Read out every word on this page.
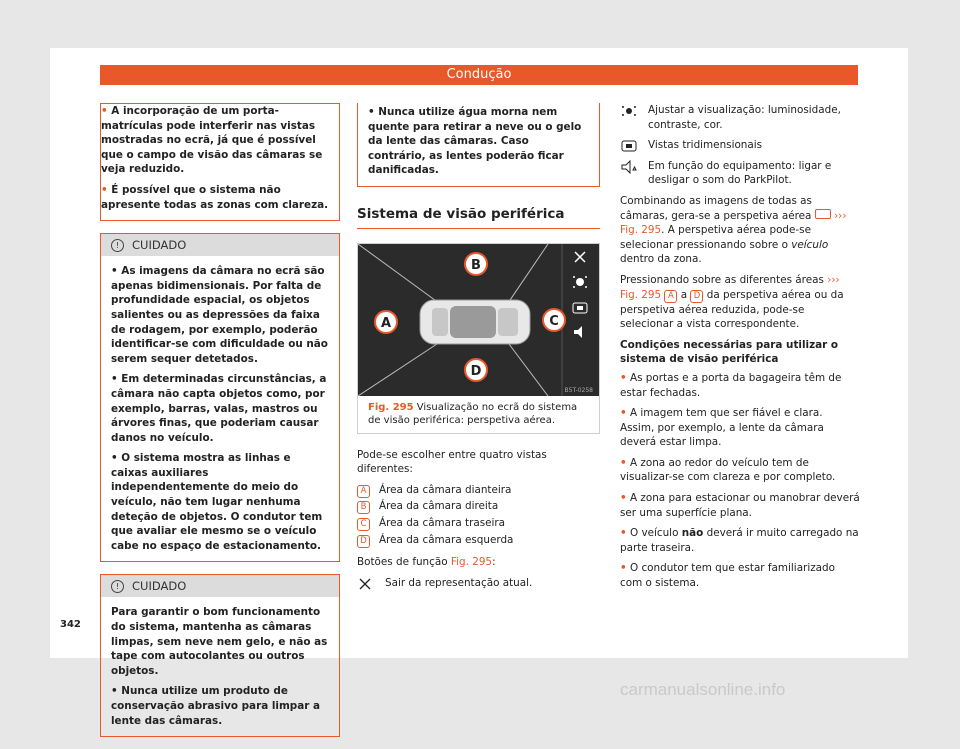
Condução

• A incorporação de um porta-matrículas pode interferir nas vistas mostradas no ecrã, já que é possível que o campo de visão das câmaras se veja reduzido.

• É possível que o sistema não apresente todas as zonas com clareza.

! CUIDADO

• As imagens da câmara no ecrã são apenas bidimensionais. Por falta de profundidade espacial, os objetos salientes ou as depressões da faixa de rodagem, por exemplo, poderão identificar-se com dificuldade ou não serem sequer detetados.

• Em determinadas circunstâncias, a câmara não capta objetos como, por exemplo, barras, valas, mastros ou árvores finas, que poderiam causar danos no veículo.

• O sistema mostra as linhas e caixas auxiliares independentemente do meio do veículo, não tem lugar nenhuma deteção de objetos. O condutor tem que avaliar ele mesmo se o veículo cabe no espaço de estacionamento.

! CUIDADO

Para garantir o bom funcionamento do sistema, mantenha as câmaras limpas, sem neve nem gelo, e não as tape com autocolantes ou outros objetos.

• Nunca utilize um produto de conservação abrasivo para limpar a lente das câmaras.

• Nunca utilize água morna nem quente para retirar a neve ou o gelo da lente das câmaras. Caso contrário, as lentes poderão ficar danificadas.

Sistema de visão periférica
B
A	C
D
B5T-0258
Fig. 295 Visualização no ecrã do sistema de visão periférica: perspetiva aérea.

Pode-se escolher entre quatro vistas diferentes:

A	Área da câmara dianteira
B	Área da câmara direita
C	Área da câmara traseira
D	Área da câmara esquerda

Botões de função Fig. 295:

Sair da representação atual.
Ajustar a visualização: luminosidade, contraste, cor.
Vistas tridimensionais
Em função do equipamento: ligar e desligar o som do ParkPilot.

Combinando as imagens de todas as câmaras, gera-se a perspetiva aérea ››› Fig. 295. A perspetiva aérea pode-se selecionar pressionando sobre o veículo dentro da zona.

Pressionando sobre as diferentes áreas ››› Fig. 295 A a D da perspetiva aérea ou da perspetiva aérea reduzida, pode-se selecionar a vista correspondente.

Condições necessárias para utilizar o sistema de visão periférica

• As portas e a porta da bagageira têm de estar fechadas.

• A imagem tem que ser fiável e clara. Assim, por exemplo, a lente da câmara deverá estar limpa.

• A zona ao redor do veículo tem de visualizar-se com clareza e por completo.

• A zona para estacionar ou manobrar deverá ser uma superfície plana.

• O veículo não deverá ir muito carregado na parte traseira.

• O condutor tem que estar familiarizado com o sistema.

342
carmanualsonline.info
